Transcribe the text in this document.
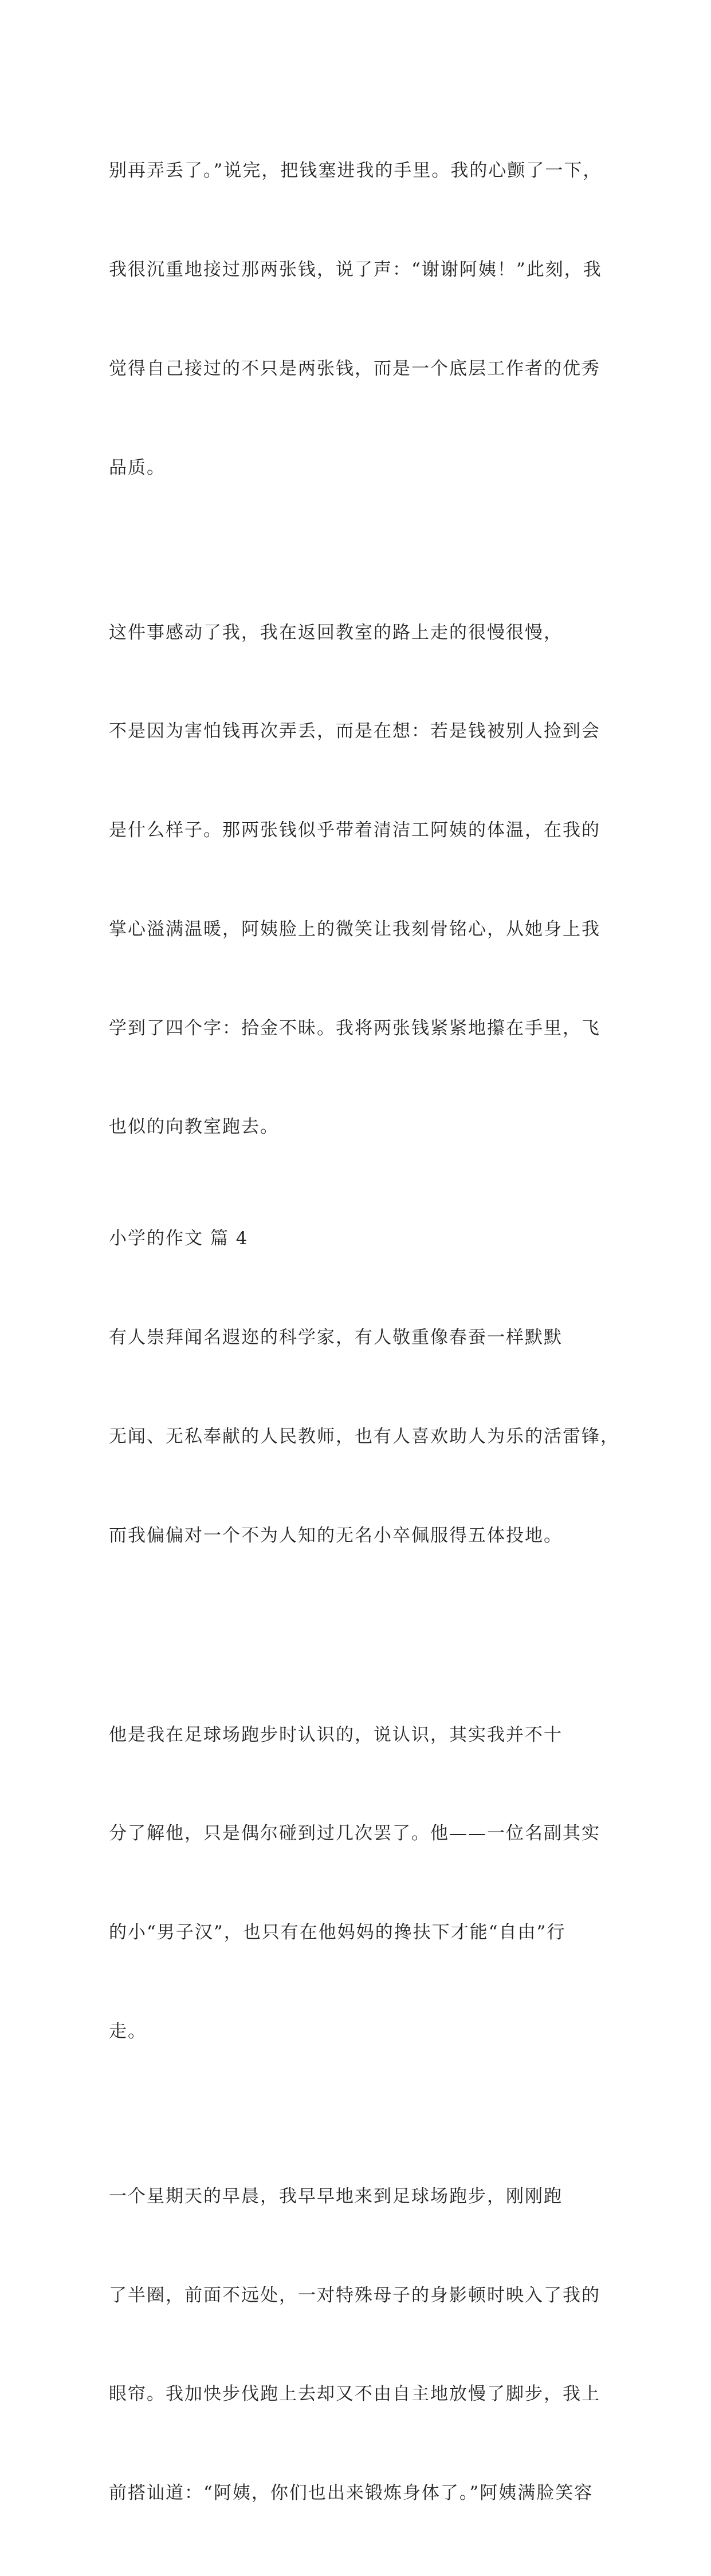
别再弄丢了。”说完，把钱塞进我的手里。我的心颤了一下，

我很沉重地接过那两张钱，说了声：“谢谢阿姨！”此刻，我

觉得自己接过的不只是两张钱，而是一个底层工作者的优秀

品质。

这件事感动了我，我在返回教室的路上走的很慢很慢，

不是因为害怕钱再次弄丢，而是在想：若是钱被别人捡到会

是什么样子。那两张钱似乎带着清洁工阿姨的体温，在我的

掌心溢满温暖，阿姨脸上的微笑让我刻骨铭心，从她身上我

学到了四个字：拾金不昧。我将两张钱紧紧地攥在手里，飞

也似的向教室跑去。

小学的作文 篇 4

有人崇拜闻名遐迩的科学家，有人敬重像春蚕一样默默

无闻、无私奉献的人民教师，也有人喜欢助人为乐的活雷锋，

而我偏偏对一个不为人知的无名小卒佩服得五体投地。

他是我在足球场跑步时认识的，说认识，其实我并不十

分了解他，只是偶尔碰到过几次罢了。他——一位名副其实

的小“男子汉”，也只有在他妈妈的搀扶下才能“自由”行

走。

一个星期天的早晨，我早早地来到足球场跑步，刚刚跑

了半圈，前面不远处，一对特殊母子的身影顿时映入了我的

眼帘。我加快步伐跑上去却又不由自主地放慢了脚步，我上

前搭讪道：“阿姨，你们也出来锻炼身体了。”阿姨满脸笑容
